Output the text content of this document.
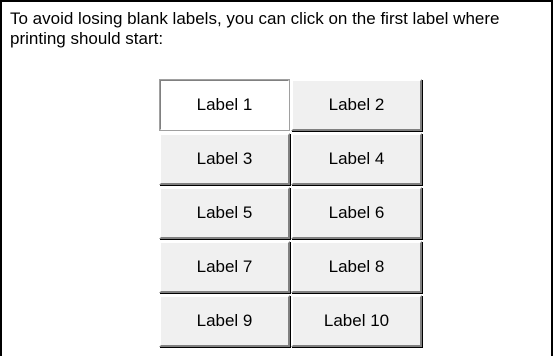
To avoid losing blank labels, you can click on the first label where printing should start:

Label 1	Label 2
Label 3	Label 4
Label 5	Label 6
Label 7	Label 8
Label 9	Label 10
